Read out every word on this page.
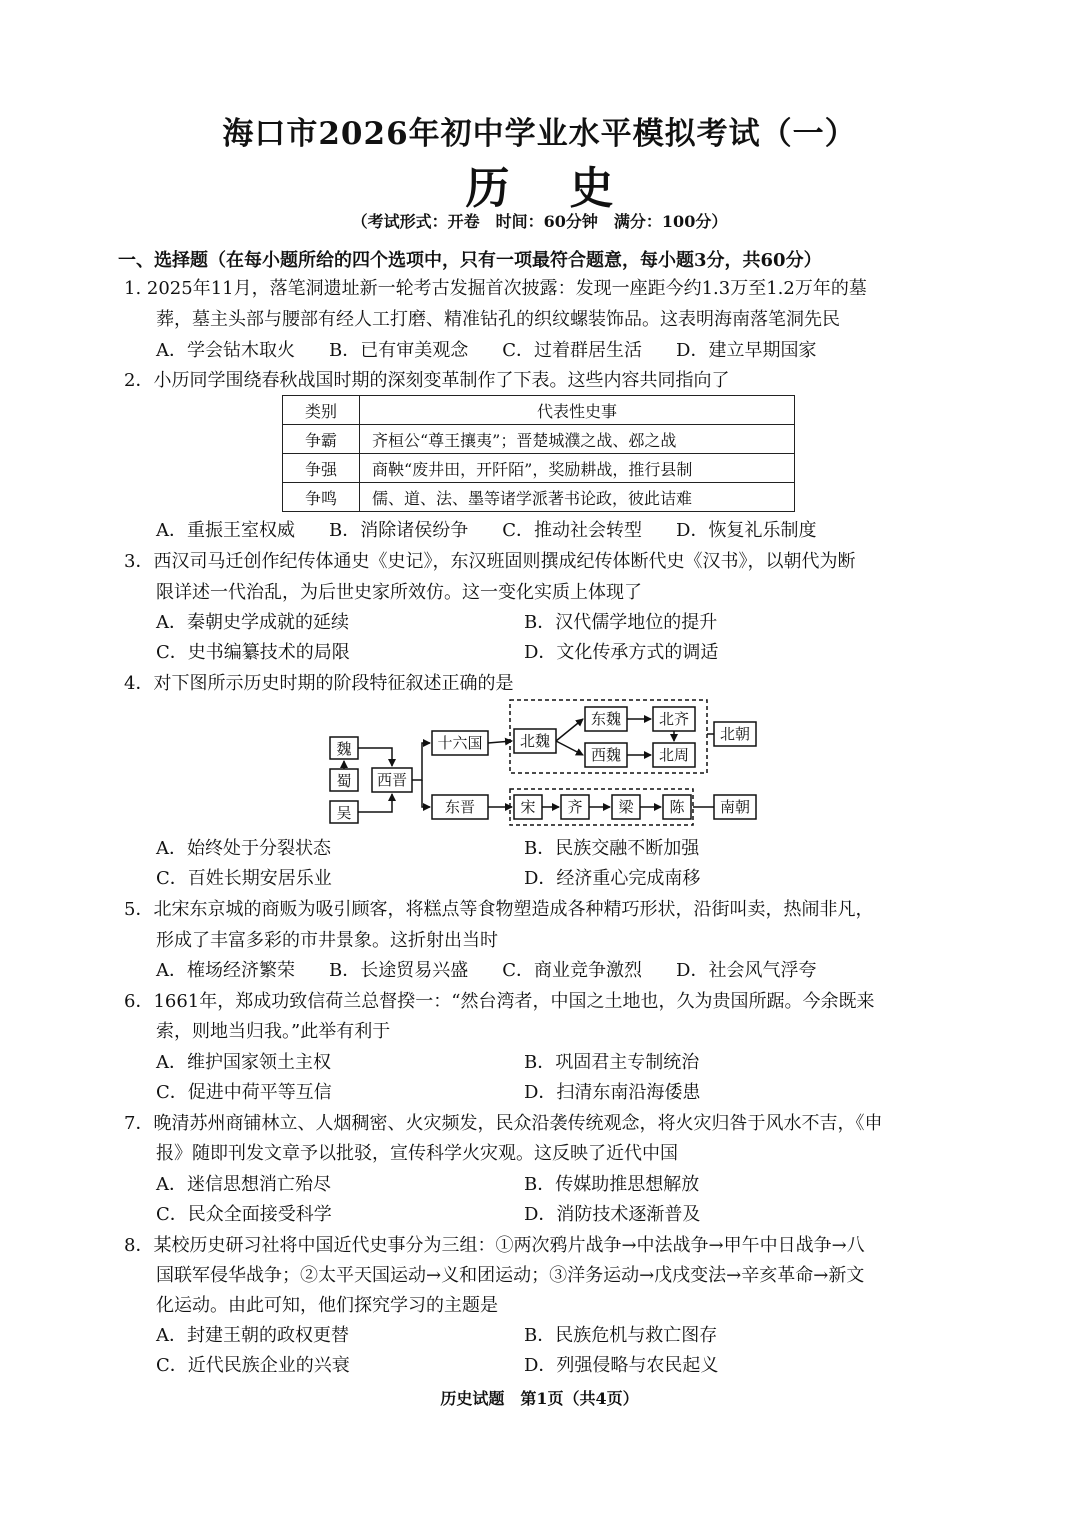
海口市2026年初中学业水平模拟考试（一）
历史
（考试形式：开卷　时间：60分钟　满分：100分）
一、选择题（在每小题所给的四个选项中，只有一项最符合题意，每小题3分，共60分）
1. 2025年11月，落笔洞遗址新一轮考古发掘首次披露：发现一座距今约1.3万至1.2万年的墓
葬，墓主头部与腰部有经人工打磨、精准钻孔的织纹螺装饰品。这表明海南落笔洞先民
A．学会钻木取火 B．已有审美观念 C．过着群居生活 D．建立早期国家
2．小历同学围绕春秋战国时期的深刻变革制作了下表。这些内容共同指向了
类别	代表性史事
争霸	齐桓公“尊王攘夷”；晋楚城濮之战、邲之战
争强	商鞅“废井田，开阡陌”，奖励耕战，推行县制
争鸣	儒、道、法、墨等诸学派著书论政，彼此诘难
A．重振王室权威 B．消除诸侯纷争 C．推动社会转型 D．恢复礼乐制度
3．西汉司马迁创作纪传体通史《史记》，东汉班固则撰成纪传体断代史《汉书》，以朝代为断
限详述一代治乱，为后世史家所效仿。这一变化实质上体现了
A．秦朝史学成就的延续	B．汉代儒学地位的提升
C．史书编纂技术的局限	D．文化传承方式的调适
4．对下图所示历史时期的阶段特征叙述正确的是
魏
蜀
吴
西晋
十六国 北魏
东魏
西魏
北齐
北周
北朝
东晋	宋 齐 梁 陈 南朝
A．始终处于分裂状态	B．民族交融不断加强
C．百姓长期安居乐业	D．经济重心完成南移
5．北宋东京城的商贩为吸引顾客，将糕点等食物塑造成各种精巧形状，沿街叫卖，热闹非凡，
形成了丰富多彩的市井景象。这折射出当时
A．榷场经济繁荣 B．长途贸易兴盛 C．商业竞争激烈 D．社会风气浮夸
6．1661年，郑成功致信荷兰总督揆一：“然台湾者，中国之土地也，久为贵国所踞。今余既来
索，则地当归我。”此举有利于
A．维护国家领土主权	B．巩固君主专制统治
C．促进中荷平等互信	D．扫清东南沿海倭患
7．晚清苏州商铺林立、人烟稠密、火灾频发，民众沿袭传统观念，将火灾归咎于风水不吉，《申
报》随即刊发文章予以批驳，宣传科学火灾观。这反映了近代中国
A．迷信思想消亡殆尽	B．传媒助推思想解放
C．民众全面接受科学	D．消防技术逐渐普及
8．某校历史研习社将中国近代史事分为三组：①两次鸦片战争→中法战争→甲午中日战争→八
国联军侵华战争；②太平天国运动→义和团运动；③洋务运动→戊戌变法→辛亥革命→新文
化运动。由此可知，他们探究学习的主题是
A．封建王朝的政权更替	B．民族危机与救亡图存
C．近代民族企业的兴衰	D．列强侵略与农民起义
历史试题　第1页（共4页）
